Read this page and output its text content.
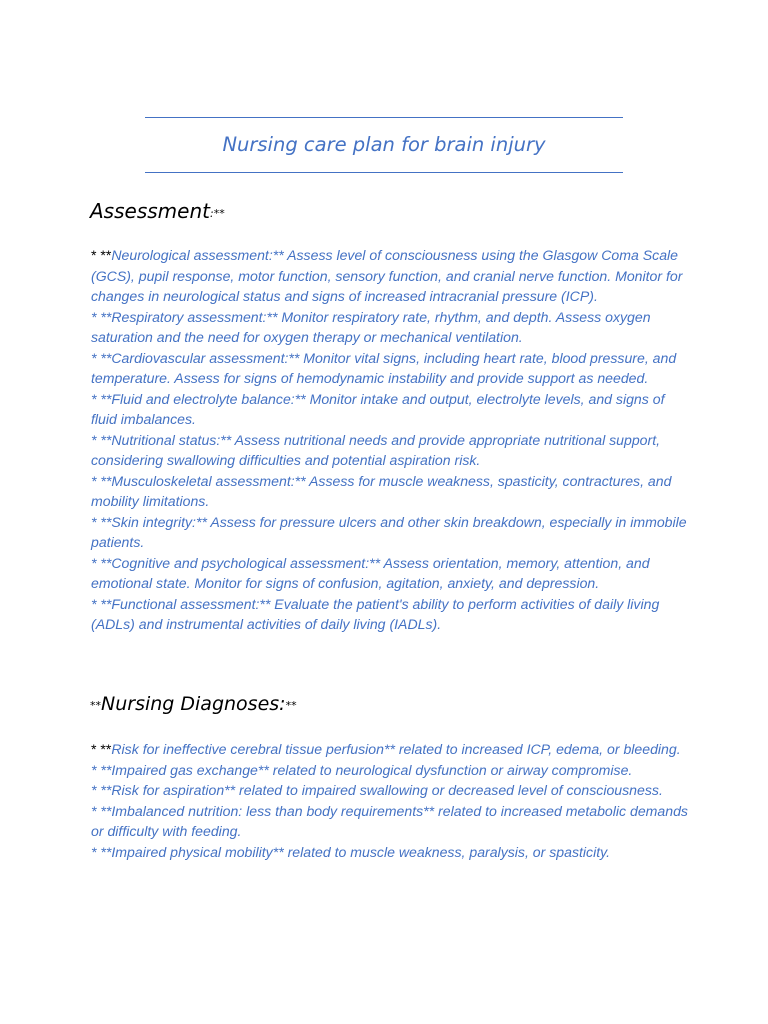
Nursing care plan for brain injury
Assessment:**
* **Neurological assessment:** Assess level of consciousness using the Glasgow Coma Scale (GCS), pupil response, motor function, sensory function, and cranial nerve function. Monitor for changes in neurological status and signs of increased intracranial pressure (ICP).
* **Respiratory assessment:** Monitor respiratory rate, rhythm, and depth. Assess oxygen saturation and the need for oxygen therapy or mechanical ventilation.
* **Cardiovascular assessment:** Monitor vital signs, including heart rate, blood pressure, and temperature. Assess for signs of hemodynamic instability and provide support as needed.
* **Fluid and electrolyte balance:** Monitor intake and output, electrolyte levels, and signs of fluid imbalances.
* **Nutritional status:** Assess nutritional needs and provide appropriate nutritional support, considering swallowing difficulties and potential aspiration risk.
* **Musculoskeletal assessment:** Assess for muscle weakness, spasticity, contractures, and mobility limitations.
* **Skin integrity:** Assess for pressure ulcers and other skin breakdown, especially in immobile patients.
* **Cognitive and psychological assessment:** Assess orientation, memory, attention, and emotional state. Monitor for signs of confusion, agitation, anxiety, and depression.
* **Functional assessment:** Evaluate the patient's ability to perform activities of daily living (ADLs) and instrumental activities of daily living (IADLs).
**Nursing Diagnoses:**
* **Risk for ineffective cerebral tissue perfusion** related to increased ICP, edema, or bleeding.
* **Impaired gas exchange** related to neurological dysfunction or airway compromise.
* **Risk for aspiration** related to impaired swallowing or decreased level of consciousness.
* **Imbalanced nutrition: less than body requirements** related to increased metabolic demands or difficulty with feeding.
* **Impaired physical mobility** related to muscle weakness, paralysis, or spasticity.
